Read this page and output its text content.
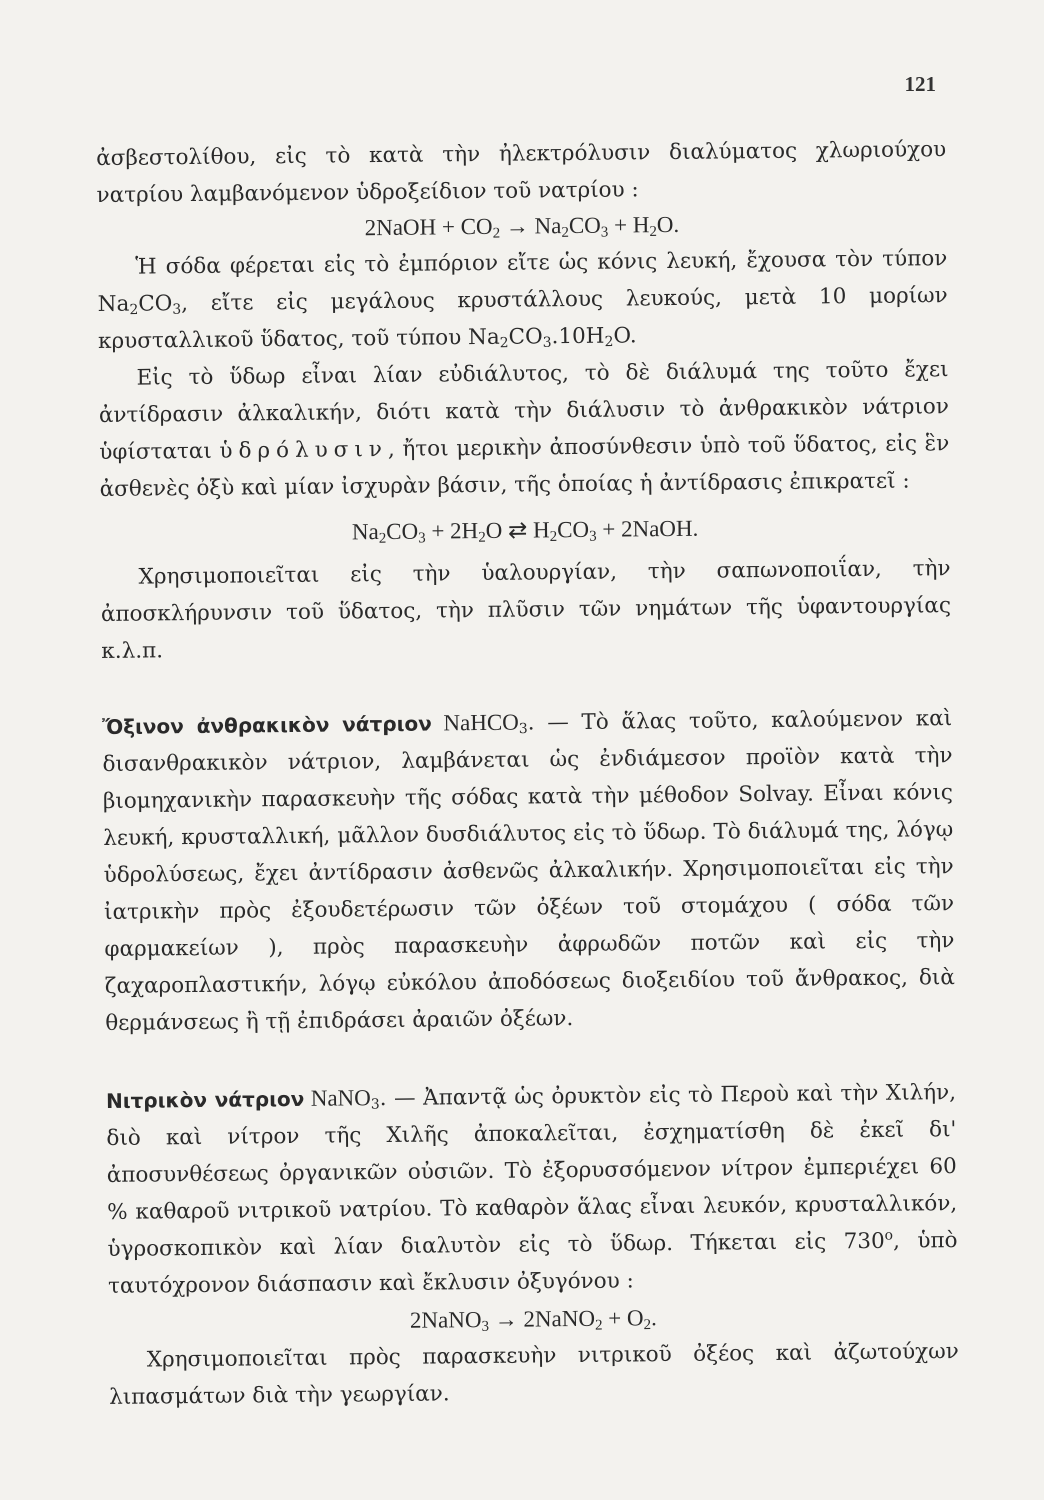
121

ἀσβεστολίθου, εἰς τὸ κατὰ τὴν ἠλεκτρόλυσιν διαλύματος χλωριούχου νατρίου λαμβανόμενον ὑδροξείδιον τοῦ νατρίου :

2NaOH + $CO_2 \to Na_2CO_3 + H_2O$.

Ἡ σόδα φέρεται εἰς τὸ ἐμπόριον εἴτε ὡς κόνις λευκή, ἔχουσα τὸν τύπον $Na_2CO_3$, εἴτε εἰς μεγάλους κρυστάλλους λευκούς, μετὰ 10 μορίων κρυσταλλικοῦ ὕδατος, τοῦ τύπου $Na_2CO_3.10H_2O$.

Εἰς τὸ ὕδωρ εἶναι λίαν εὐδιάλυτος, τὸ δὲ διάλυμά της τοῦτο ἔχει ἀντίδρασιν ἀλκαλικήν, διότι κατὰ τὴν διάλυσιν τὸ ἀνθρακικὸν νάτριον ὑφίσταται ὑδρόλυσιν, ἤτοι μερικὴν ἀποσύνθεσιν ὑπὸ τοῦ ὕδατος, εἰς ἓν ἀσθενὲς ὀξὺ καὶ μίαν ἰσχυρὰν βάσιν, τῆς ὁποίας ἡ ἀντίδρασις ἐπικρατεῖ :

$Na_2CO_3 + 2H_2O$ ⇄ $H_2CO_3$ + 2NaOH.

Χρησιμοποιεῖται εἰς τὴν ὑαλουργίαν, τὴν σαπωνοποιΐαν, τὴν ἀποσκλήρυνσιν τοῦ ὕδατος, τὴν πλῦσιν τῶν νημάτων τῆς ὑφαντουργίας κ.λ.π.

Ὄξινον ἀνθρακικὸν νάτριον NaHCO$_3$. — Τὸ ἅλας τοῦτο, καλούμενον καὶ δισανθρακικὸν νάτριον, λαμβάνεται ὡς ἐνδιάμεσον προϊὸν κατὰ τὴν βιομηχανικὴν παρασκευὴν τῆς σόδας κατὰ τὴν μέθοδον Solvay. Εἶναι κόνις λευκή, κρυσταλλική, μᾶλλον δυσδιάλυτος εἰς τὸ ὕδωρ. Τὸ διάλυμά της, λόγῳ ὑδρολύσεως, ἔχει ἀντίδρασιν ἀσθενῶς ἀλκαλικήν. Χρησιμοποιεῖται εἰς τὴν ἰατρικὴν πρὸς ἐξουδετέρωσιν τῶν ὀξέων τοῦ στομάχου ( σόδα τῶν φαρμακείων ), πρὸς παρασκευὴν ἀφρωδῶν ποτῶν καὶ εἰς τὴν ζαχαροπλαστικήν, λόγῳ εὐκόλου ἀποδόσεως διοξειδίου τοῦ ἄνθρακος, διὰ θερμάνσεως ἢ τῇ ἐπιδράσει ἀραιῶν ὀξέων.

Νιτρικὸν νάτριον NaNO$_3$. — Ἀπαντᾷ ὡς ὀρυκτὸν εἰς τὸ Περοὺ καὶ τὴν Χιλήν, διὸ καὶ νίτρον τῆς Χιλῆς ἀποκαλεῖται, ἐσχηματίσθη δὲ ἐκεῖ δι' ἀποσυνθέσεως ὀργανικῶν οὐσιῶν. Τὸ ἐξορυσσόμενον νίτρον ἐμπεριέχει 60 % καθαροῦ νιτρικοῦ νατρίου. Τὸ καθαρὸν ἅλας εἶναι λευκόν, κρυσταλλικόν, ὑγροσκοπικὸν καὶ λίαν διαλυτὸν εἰς τὸ ὕδωρ. Τήκεται εἰς $730^o$, ὑπὸ ταυτόχρονον διάσπασιν καὶ ἔκλυσιν ὀξυγόνου :

2NaNO$_3$ → 2NaNO$_2$ + $O_2$.

Χρησιμοποιεῖται πρὸς παρασκευὴν νιτρικοῦ ὀξέος καὶ ἀζωτούχων λιπασμάτων διὰ τὴν γεωργίαν.
